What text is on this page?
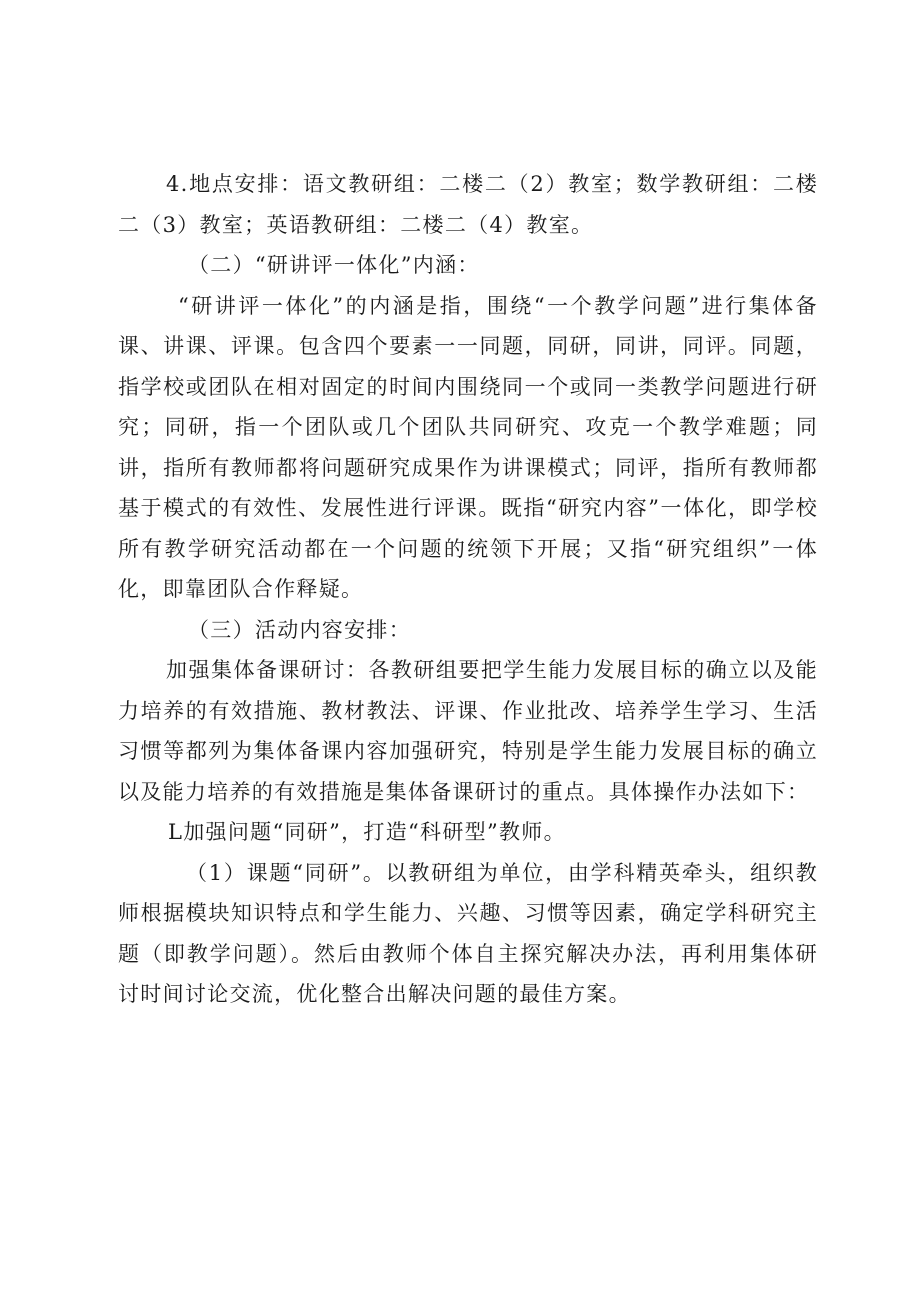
4.地点安排：语文教研组：二楼二（2）教室；数学教研组：二楼二（3）教室；英语教研组：二楼二（4）教室。

（二）“研讲评一体化”内涵：

“研讲评一体化”的内涵是指，围绕“一个教学问题”进行集体备课、讲课、评课。包含四个要素一一同题，同研，同讲，同评。同题，指学校或团队在相对固定的时间内围绕同一个或同一类教学问题进行研究；同研，指一个团队或几个团队共同研究、攻克一个教学难题；同讲，指所有教师都将问题研究成果作为讲课模式；同评，指所有教师都基于模式的有效性、发展性进行评课。既指“研究内容”一体化，即学校所有教学研究活动都在一个问题的统领下开展；又指“研究组织”一体化，即靠团队合作释疑。

（三）活动内容安排：

加强集体备课研讨：各教研组要把学生能力发展目标的确立以及能力培养的有效措施、教材教法、评课、作业批改、培养学生学习、生活习惯等都列为集体备课内容加强研究，特别是学生能力发展目标的确立以及能力培养的有效措施是集体备课研讨的重点。具体操作办法如下：

L加强问题“同研”，打造“科研型”教师。

（1）课题“同研”。以教研组为单位，由学科精英牵头，组织教师根据模块知识特点和学生能力、兴趣、习惯等因素，确定学科研究主题（即教学问题）。然后由教师个体自主探究解决办法，再利用集体研讨时间讨论交流，优化整合出解决问题的最佳方案。
